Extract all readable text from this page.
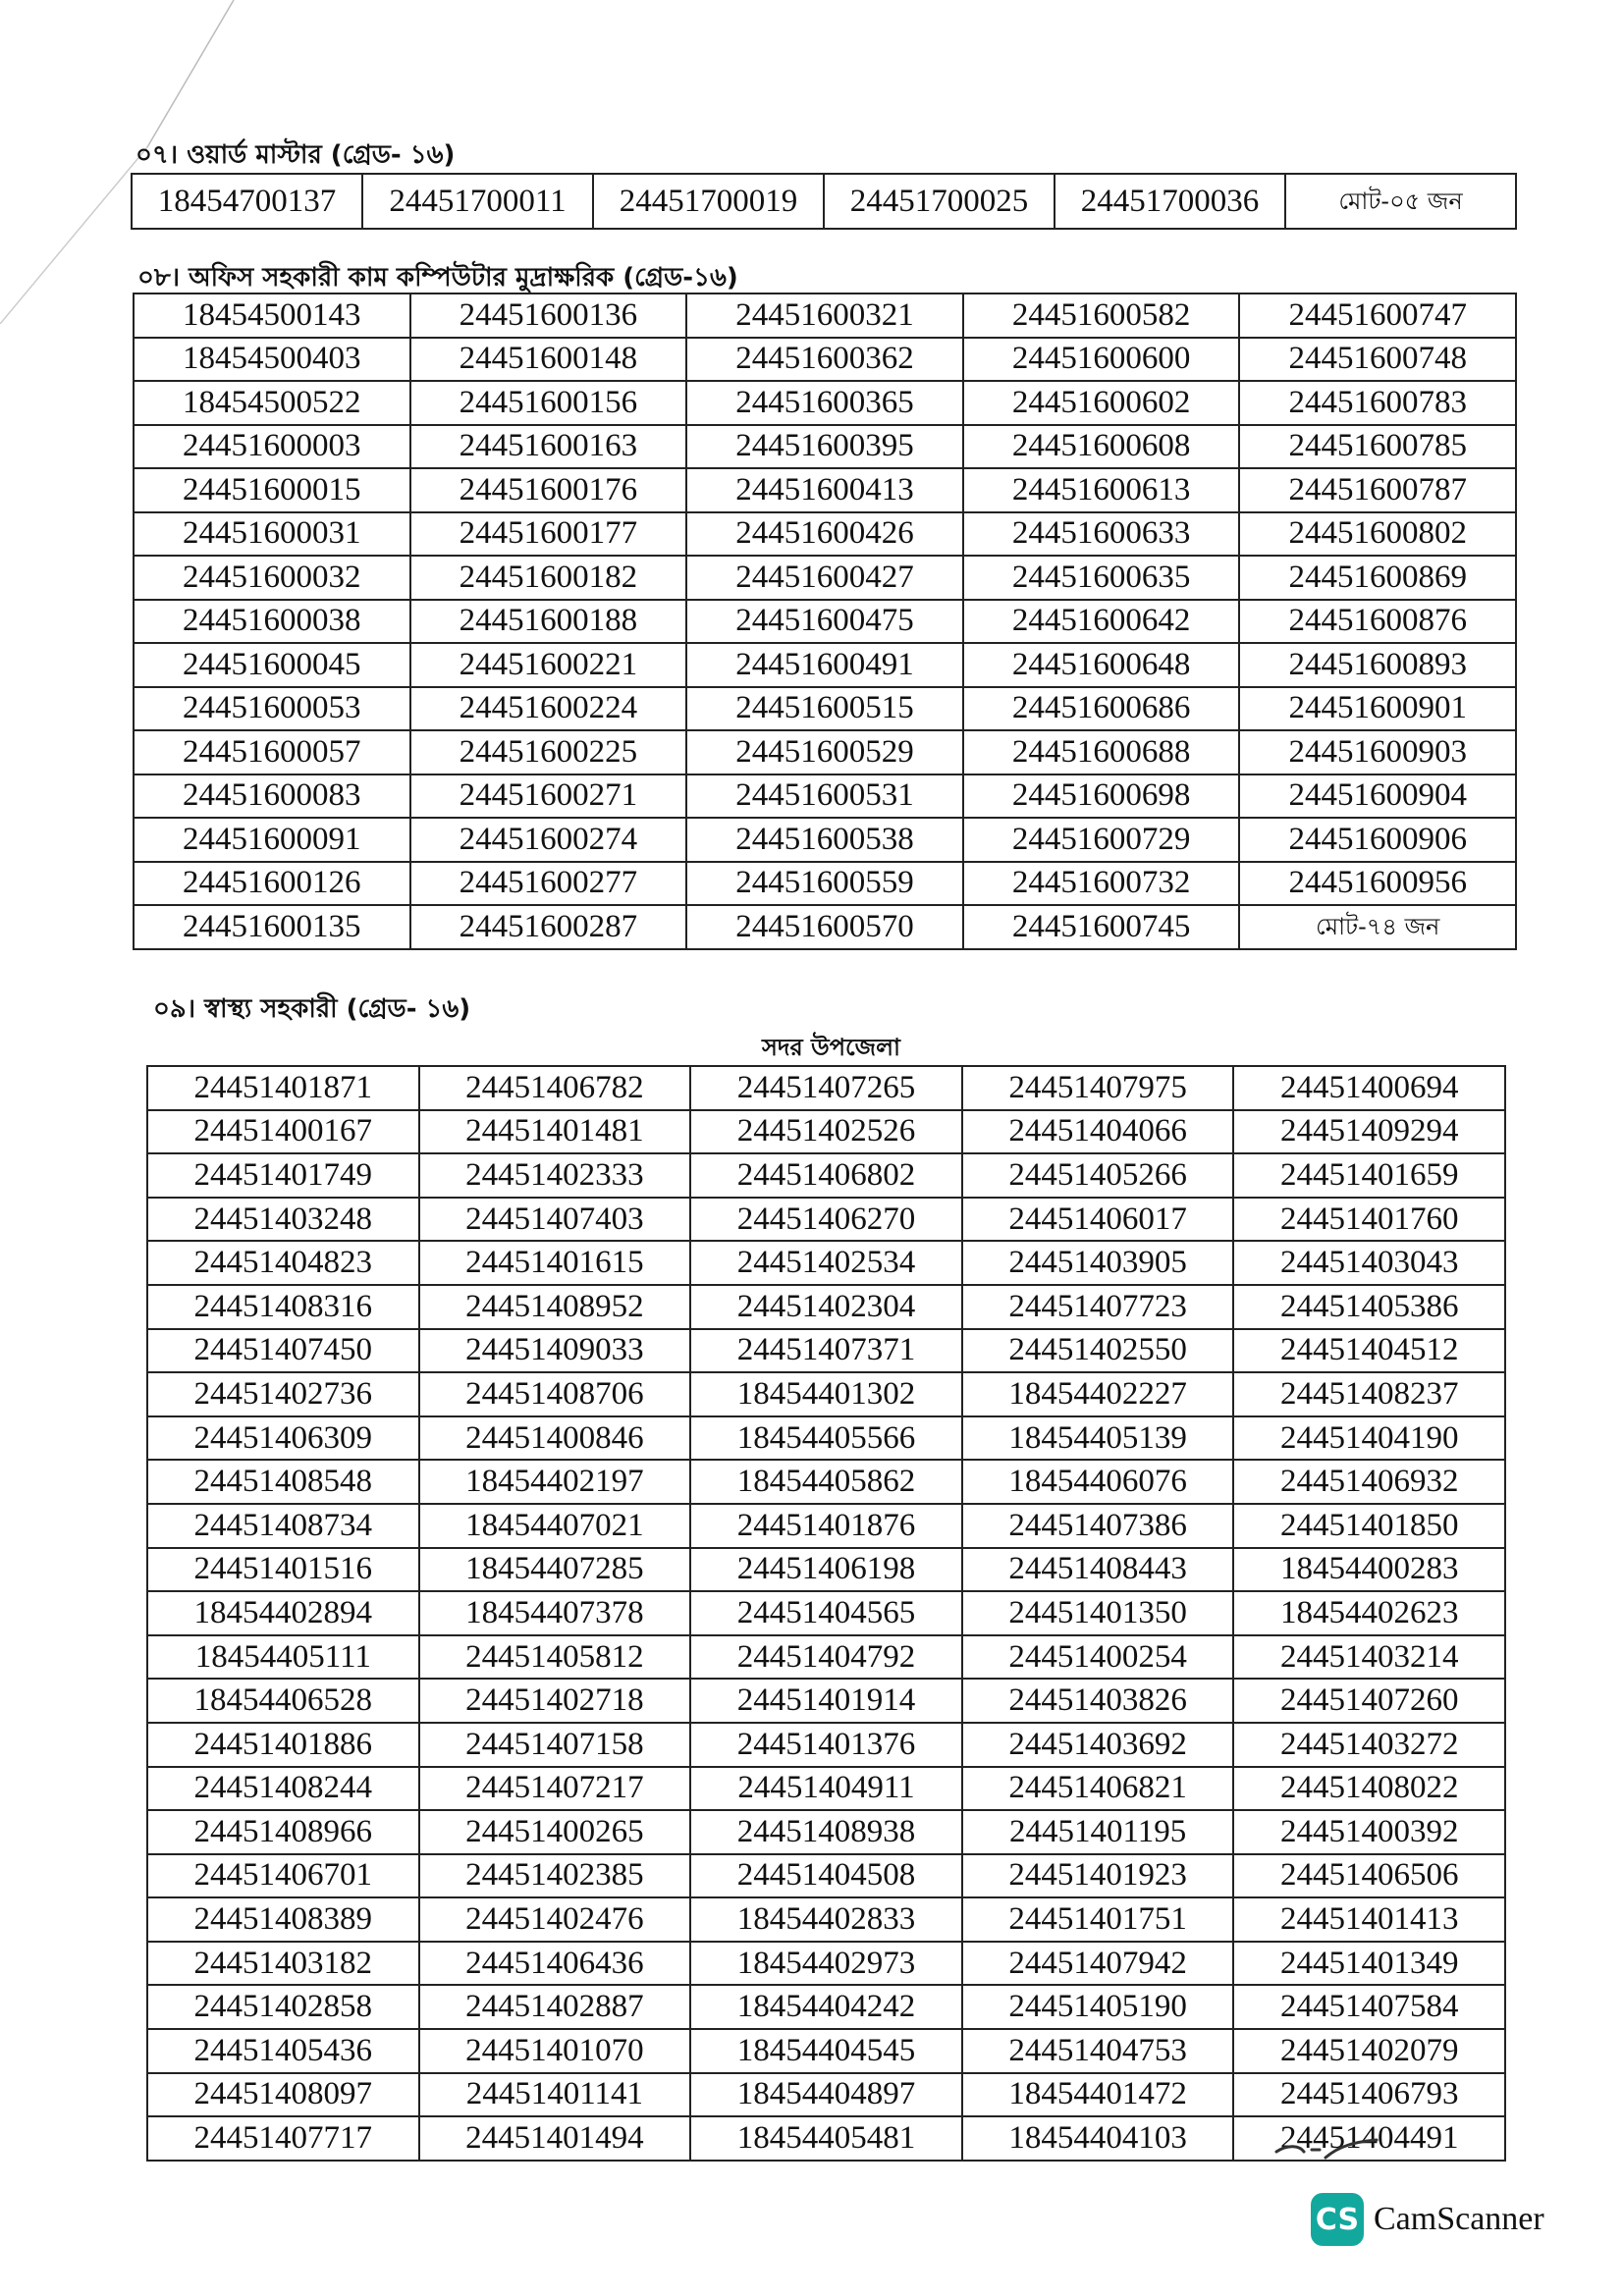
০৭। ওয়ার্ড মাস্টার (গ্রেড- ১৬)
18454700137	24451700011	24451700019	24451700025	24451700036	মোট-০৫ জন
০৮। অফিস সহকারী কাম কম্পিউটার মুদ্রাক্ষরিক (গ্রেড-১৬)
18454500143	24451600136	24451600321	24451600582	24451600747
18454500403	24451600148	24451600362	24451600600	24451600748
18454500522	24451600156	24451600365	24451600602	24451600783
24451600003	24451600163	24451600395	24451600608	24451600785
24451600015	24451600176	24451600413	24451600613	24451600787
24451600031	24451600177	24451600426	24451600633	24451600802
24451600032	24451600182	24451600427	24451600635	24451600869
24451600038	24451600188	24451600475	24451600642	24451600876
24451600045	24451600221	24451600491	24451600648	24451600893
24451600053	24451600224	24451600515	24451600686	24451600901
24451600057	24451600225	24451600529	24451600688	24451600903
24451600083	24451600271	24451600531	24451600698	24451600904
24451600091	24451600274	24451600538	24451600729	24451600906
24451600126	24451600277	24451600559	24451600732	24451600956
24451600135	24451600287	24451600570	24451600745	মোট-৭৪ জন
০৯। স্বাস্থ্য সহকারী (গ্রেড- ১৬)
সদর উপজেলা
24451401871	24451406782	24451407265	24451407975	24451400694
24451400167	24451401481	24451402526	24451404066	24451409294
24451401749	24451402333	24451406802	24451405266	24451401659
24451403248	24451407403	24451406270	24451406017	24451401760
24451404823	24451401615	24451402534	24451403905	24451403043
24451408316	24451408952	24451402304	24451407723	24451405386
24451407450	24451409033	24451407371	24451402550	24451404512
24451402736	24451408706	18454401302	18454402227	24451408237
24451406309	24451400846	18454405566	18454405139	24451404190
24451408548	18454402197	18454405862	18454406076	24451406932
24451408734	18454407021	24451401876	24451407386	24451401850
24451401516	18454407285	24451406198	24451408443	18454400283
18454402894	18454407378	24451404565	24451401350	18454402623
18454405111	24451405812	24451404792	24451400254	24451403214
18454406528	24451402718	24451401914	24451403826	24451407260
24451401886	24451407158	24451401376	24451403692	24451403272
24451408244	24451407217	24451404911	24451406821	24451408022
24451408966	24451400265	24451408938	24451401195	24451400392
24451406701	24451402385	24451404508	24451401923	24451406506
24451408389	24451402476	18454402833	24451401751	24451401413
24451403182	24451406436	18454402973	24451407942	24451401349
24451402858	24451402887	18454404242	24451405190	24451407584
24451405436	24451401070	18454404545	24451404753	24451402079
24451408097	24451401141	18454404897	18454401472	24451406793
24451407717	24451401494	18454405481	18454404103	24451404491
CS CamScanner
